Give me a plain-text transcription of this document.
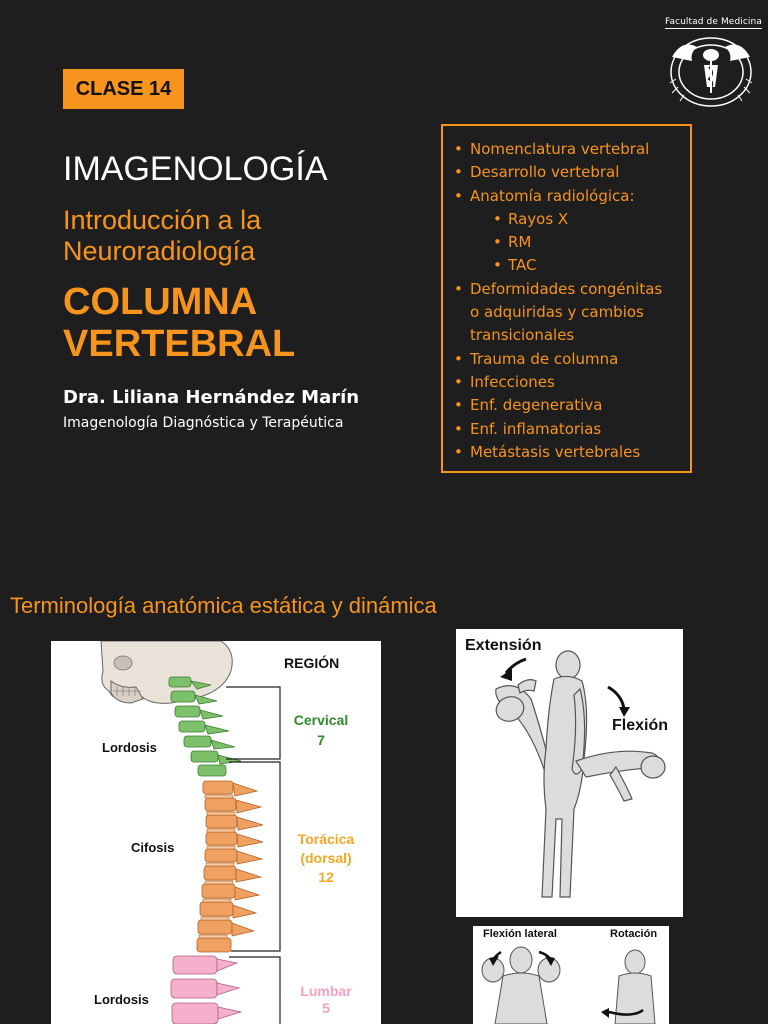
CLASE 14
Facultad de Medicina
IMAGENOLOGÍA
Introducción a la
Neuroradiología
COLUMNA
VERTEBRAL
Dra. Liliana Hernández Marín
Imagenología Diagnóstica y Terapéutica
• Nomenclatura vertebral
• Desarrollo vertebral
• Anatomía radiológica:
• Rayos X
• RM
• TAC
• Deformidades congénitas
o adquiridas y cambios
transicionales
• Trauma de columna
• Infecciones
• Enf. degenerativa
• Enf. inflamatorias
• Metástasis vertebrales
Terminología anatómica estática y dinámica
REGIÓN
Cervical
7
Torácica
(dorsal)
12
Lumbar
5
Lordosis
Cifosis
Lordosis
Extensión
Flexión
Flexión lateral	Rotación
